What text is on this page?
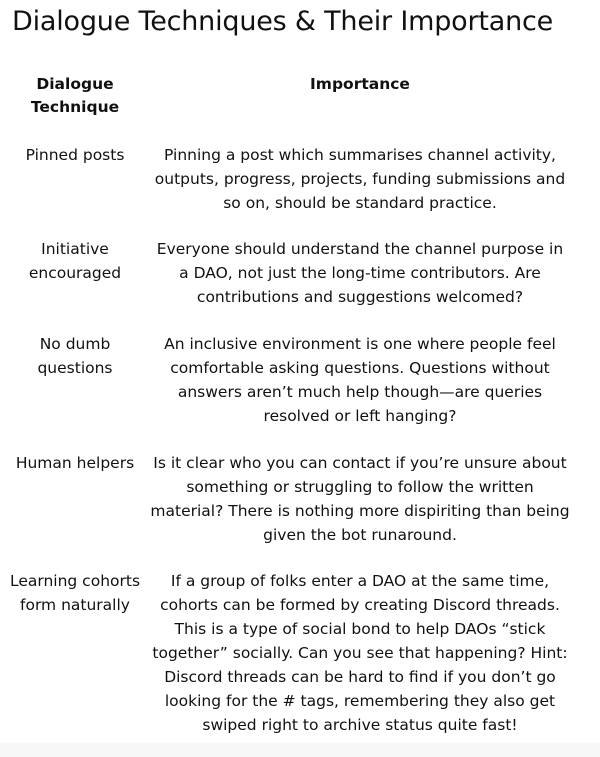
Dialogue Techniques & Their Importance
Dialogue
Technique
Importance
Pinned posts	Pinning a post which summarises channel activity,
outputs, progress, projects, funding submissions and
so on, should be standard practice.
Initiative
encouraged
Everyone should understand the channel purpose in
a DAO, not just the long-time contributors. Are
contributions and suggestions welcomed?
No dumb
questions
An inclusive environment is one where people feel
comfortable asking questions. Questions without
answers aren’t much help though—are queries
resolved or left hanging?
Human helpers	Is it clear who you can contact if you’re unsure about
something or struggling to follow the written
material? There is nothing more dispiriting than being
given the bot runaround.
Learning cohorts
form naturally
If a group of folks enter a DAO at the same time,
cohorts can be formed by creating Discord threads.
This is a type of social bond to help DAOs “stick
together” socially. Can you see that happening? Hint:
Discord threads can be hard to find if you don’t go
looking for the # tags, remembering they also get
swiped right to archive status quite fast!
